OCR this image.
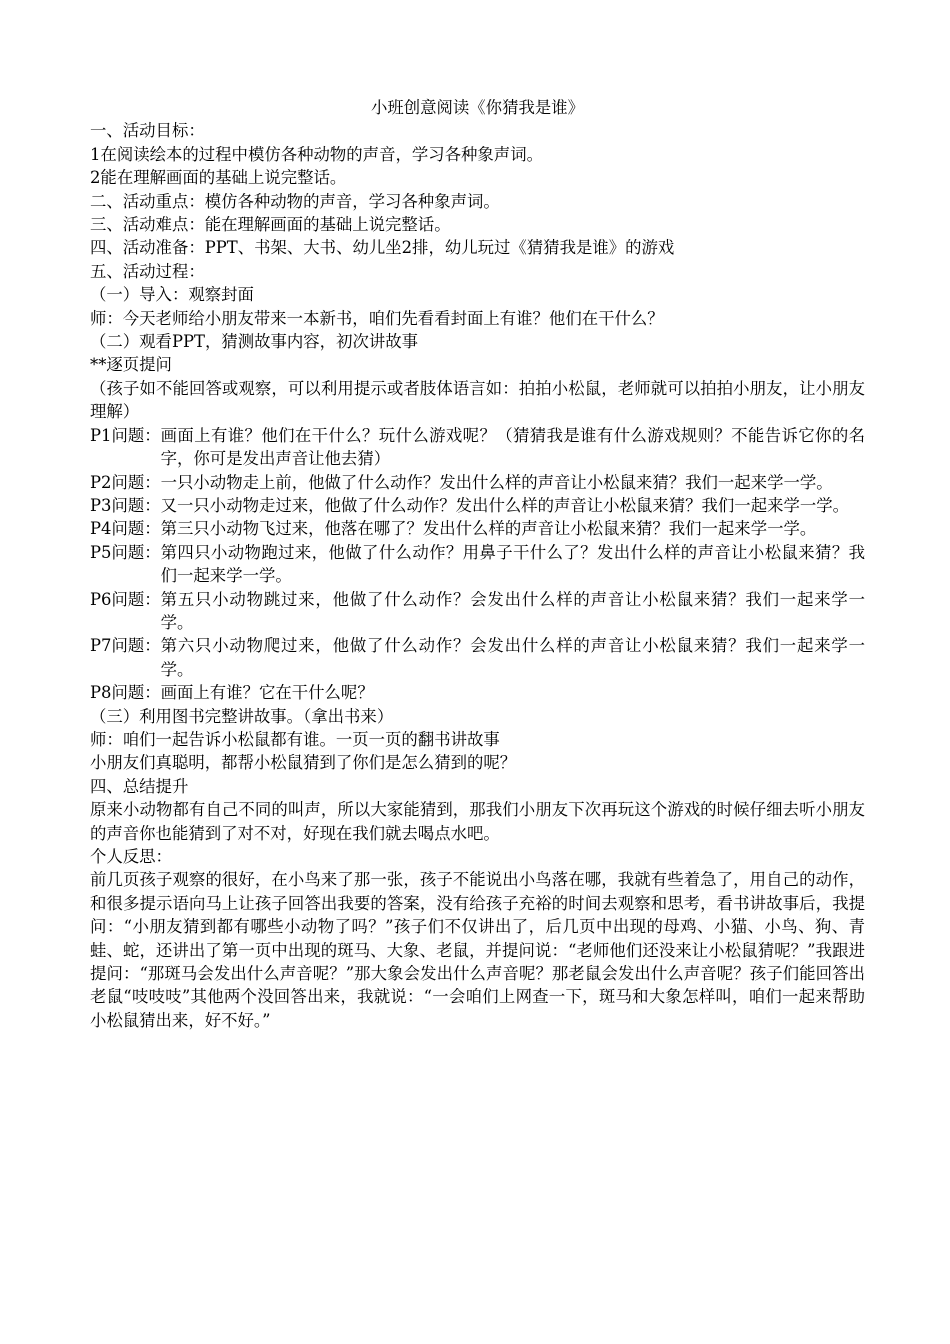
小班创意阅读《你猜我是谁》

一、活动目标：

1在阅读绘本的过程中模仿各种动物的声音，学习各种象声词。

2能在理解画面的基础上说完整话。

二、活动重点：模仿各种动物的声音，学习各种象声词。

三、活动难点：能在理解画面的基础上说完整话。

四、活动准备：PPT、书架、大书、幼儿坐2排，幼儿玩过《猜猜我是谁》的游戏

五、活动过程：

（一）导入：观察封面

师：今天老师给小朋友带来一本新书，咱们先看看封面上有谁？他们在干什么？

（二）观看PPT，猜测故事内容，初次讲故事

**逐页提问

（孩子如不能回答或观察，可以利用提示或者肢体语言如：拍拍小松鼠，老师就可以拍拍小朋友，让小朋友理解）

P1问题： 画面上有谁？他们在干什么？玩什么游戏呢？（猜猜我是谁有什么游戏规则？不能告诉它你的名字，你可是发出声音让他去猜）
P2问题： 一只小动物走上前，他做了什么动作？发出什么样的声音让小松鼠来猜？我们一起来学一学。
P3问题： 又一只小动物走过来，他做了什么动作？发出什么样的声音让小松鼠来猜？我们一起来学一学。
P4问题： 第三只小动物飞过来，他落在哪了？发出什么样的声音让小松鼠来猜？我们一起来学一学。
P5问题： 第四只小动物跑过来，他做了什么动作？用鼻子干什么了？发出什么样的声音让小松鼠来猜？我们一起来学一学。
P6问题： 第五只小动物跳过来，他做了什么动作？会发出什么样的声音让小松鼠来猜？我们一起来学一学。
P7问题： 第六只小动物爬过来，他做了什么动作？会发出什么样的声音让小松鼠来猜？我们一起来学一学。
P8问题： 画面上有谁？它在干什么呢？

（三）利用图书完整讲故事。（拿出书来）

师：咱们一起告诉小松鼠都有谁。一页一页的翻书讲故事

小朋友们真聪明，都帮小松鼠猜到了你们是怎么猜到的呢？

四、总结提升

原来小动物都有自己不同的叫声，所以大家能猜到，那我们小朋友下次再玩这个游戏的时候仔细去听小朋友的声音你也能猜到了对不对，好现在我们就去喝点水吧。

个人反思：

前几页孩子观察的很好，在小鸟来了那一张，孩子不能说出小鸟落在哪，我就有些着急了，用自己的动作，和很多提示语向马上让孩子回答出我要的答案，没有给孩子充裕的时间去观察和思考，看书讲故事后，我提问：“小朋友猜到都有哪些小动物了吗？”孩子们不仅讲出了，后几页中出现的母鸡、小猫、小鸟、狗、青蛙、蛇，还讲出了第一页中出现的斑马、大象、老鼠，并提问说：“老师他们还没来让小松鼠猜呢？”我跟进提问：“那斑马会发出什么声音呢？”那大象会发出什么声音呢？那老鼠会发出什么声音呢？孩子们能回答出老鼠“吱吱吱”其他两个没回答出来，我就说：“一会咱们上网查一下，斑马和大象怎样叫，咱们一起来帮助小松鼠猜出来，好不好。”
